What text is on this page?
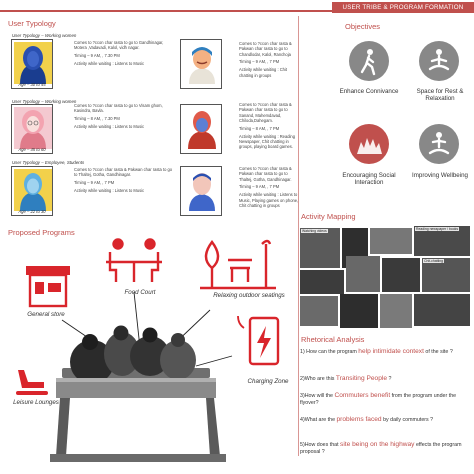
USER TRIBE & PROGRAM FORMATION
User Typology
User Typology – Working women
Age – 30 to 45

Comes to ?ccon char rasta to go to Gandhinagar, Motera ,Vadavadi, Kalol, vidh nagar.

Timing – 9 AM, , 7.30 PM

Activity while waiting : Listens to Music

User Typology – Working women
Age – 45 to 60

Comes to ?ccon char rasta to go to Visam ghom, Kasindra, Bavla.

Timing – 8 AM, , 7.30 PM

Activity while waiting : Listens to Music

User Typology – Employee, Students
Age – 22 to 30

Comes to ?ccon char rasta & Pakwan char rasta to go to Thaltej, Gotha, Gandhinagar.

Timing – 9 AM, , 7 PM

Activity while waiting : Listens to Music

Comes to ?ccon char rasta & Pakwan char rasta to go to Chandlodar, Kalol, Ranchoja

Timing – 9 AM, , 7 PM

Activity while waiting : Chit chatting in groups

Comes to ?ccon char rasta & Pakwan char rasta to go to Sanand, Mahemdavad, Chiloda,Dahegam.

Timing – 8 AM, , 7 PM

Activity while waiting : Reading Newspaper, Chit chatting in groups, playing board games.

Comes to ?ccon char rasta & Pakwan char rasta to go to Thaltej, Gotha, Gandhinagar.

Timing – 9 AM, , 7 PM

Activity while waiting : Listens to Music, Playing games on phone, Chit chatting in groups

Objectives
Enhance Connivance	Space for Rest & Relaxation
Encouraging Social Interaction
Improving Wellbeing
Proposed Programs
General store
Food Court	Relaxing outdoor seatings
Leisure Lounges
Charging Zone
Activity Mapping
Watching videos	Reading newspaper / books
Chit-chatting
Rhetorical Analysis
1) How can the program help intimidate context of the site ?
2)Who are this Transiting People ?
3)How will the Commuters benefit from the program under the flyover?
4)What are the problems faced by daily commuters ?
5)How does that site being on the highway effects the program proposal ?
